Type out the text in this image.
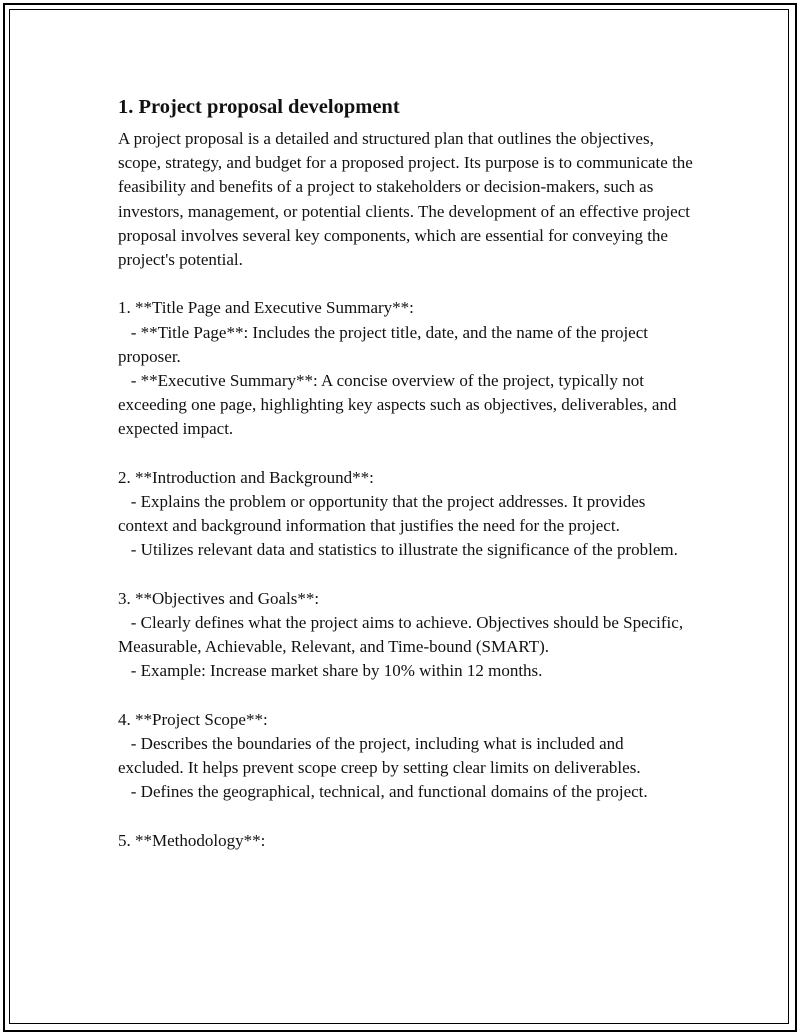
1. Project proposal development

A project proposal is a detailed and structured plan that outlines the objectives, scope, strategy, and budget for a proposed project. Its purpose is to communicate the feasibility and benefits of a project to stakeholders or decision-makers, such as investors, management, or potential clients. The development of an effective project proposal involves several key components, which are essential for conveying the project's potential.

1. **Title Page and Executive Summary**:

- **Title Page**: Includes the project title, date, and the name of the project proposer.

- **Executive Summary**: A concise overview of the project, typically not exceeding one page, highlighting key aspects such as objectives, deliverables, and expected impact.

2. **Introduction and Background**:

- Explains the problem or opportunity that the project addresses. It provides context and background information that justifies the need for the project.

- Utilizes relevant data and statistics to illustrate the significance of the problem.

3. **Objectives and Goals**:

- Clearly defines what the project aims to achieve. Objectives should be Specific, Measurable, Achievable, Relevant, and Time-bound (SMART).

- Example: Increase market share by 10% within 12 months.

4. **Project Scope**:

- Describes the boundaries of the project, including what is included and excluded. It helps prevent scope creep by setting clear limits on deliverables.

- Defines the geographical, technical, and functional domains of the project.

5. **Methodology**:
